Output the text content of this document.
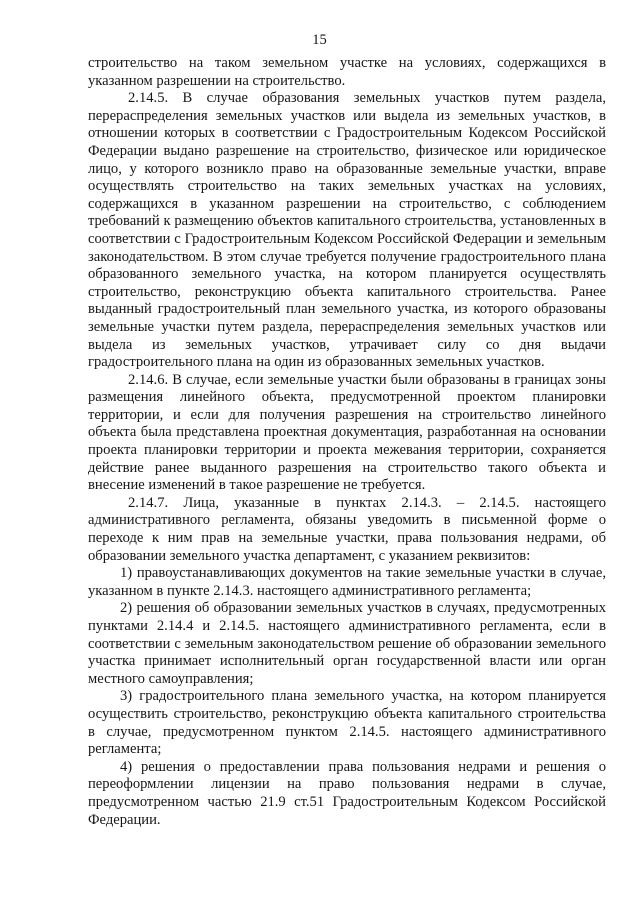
15

строительство на таком земельном участке на условиях, содержащихся в указанном разрешении на строительство.

2.14.5. В случае образования земельных участков путем раздела, перераспределения земельных участков или выдела из земельных участков, в отношении которых в соответствии с Градостроительным Кодексом Российской Федерации выдано разрешение на строительство, физическое или юридическое лицо, у которого возникло право на образованные земельные участки, вправе осуществлять строительство на таких земельных участках на условиях, содержащихся в указанном разрешении на строительство, с соблюдением требований к размещению объектов капитального строительства, установленных в соответствии с Градостроительным Кодексом Российской Федерации и земельным законодательством. В этом случае требуется получение градостроительного плана образованного земельного участка, на котором планируется осуществлять строительство, реконструкцию объекта капитального строительства. Ранее выданный градостроительный план земельного участка, из которого образованы земельные участки путем раздела, перераспределения земельных участков или выдела из земельных участков, утрачивает силу со дня выдачи градостроительного плана на один из образованных земельных участков.

2.14.6. В случае, если земельные участки были образованы в границах зоны размещения линейного объекта, предусмотренной проектом планировки территории, и если для получения разрешения на строительство линейного объекта была представлена проектная документация, разработанная на основании проекта планировки территории и проекта межевания территории, сохраняется действие ранее выданного разрешения на строительство такого объекта и внесение изменений в такое разрешение не требуется.

2.14.7. Лица, указанные в пунктах 2.14.3. – 2.14.5. настоящего административного регламента, обязаны уведомить в письменной форме о переходе к ним прав на земельные участки, права пользования недрами, об образовании земельного участка департамент, с указанием реквизитов:

1) правоустанавливающих документов на такие земельные участки в случае, указанном в пункте 2.14.3. настоящего административного регламента;

2) решения об образовании земельных участков в случаях, предусмотренных пунктами 2.14.4 и 2.14.5. настоящего административного регламента, если в соответствии с земельным законодательством решение об образовании земельного участка принимает исполнительный орган государственной власти или орган местного самоуправления;

3) градостроительного плана земельного участка, на котором планируется осуществить строительство, реконструкцию объекта капитального строительства в случае, предусмотренном пунктом 2.14.5. настоящего административного регламента;

4) решения о предоставлении права пользования недрами и решения о переоформлении лицензии на право пользования недрами в случае, предусмотренном частью 21.9 ст.51 Градостроительным Кодексом Российской Федерации.
